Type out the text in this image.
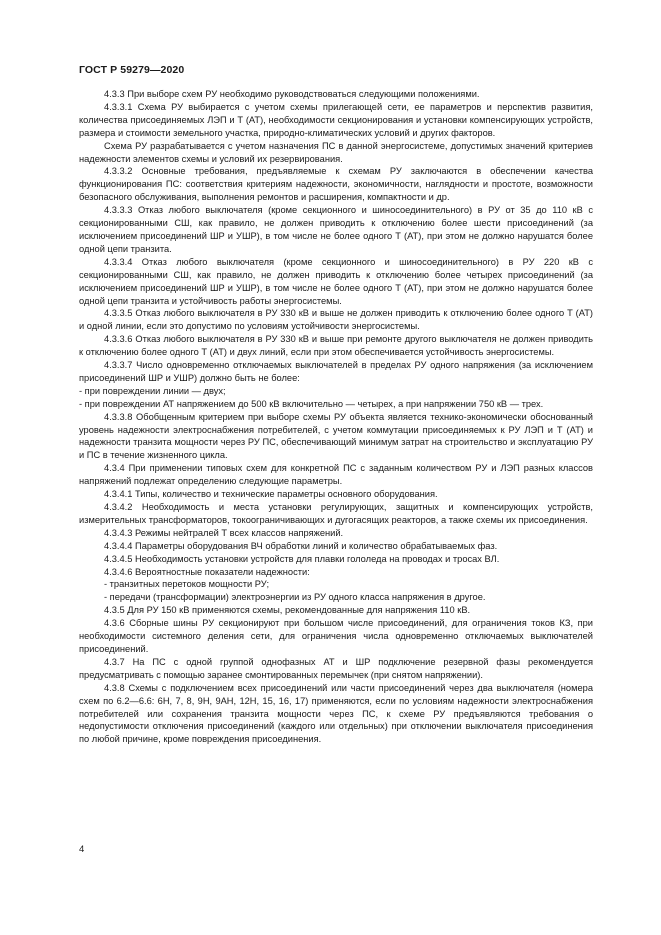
ГОСТ Р 59279—2020

4.3.3 При выборе схем РУ необходимо руководствоваться следующими положениями.

4.3.3.1 Схема РУ выбирается с учетом схемы прилегающей сети, ее параметров и перспектив развития, количества присоединяемых ЛЭП и Т (АТ), необходимости секционирования и установки компенсирующих устройств, размера и стоимости земельного участка, природно-климатических условий и других факторов.

Схема РУ разрабатывается с учетом назначения ПС в данной энергосистеме, допустимых значений критериев надежности элементов схемы и условий их резервирования.

4.3.3.2 Основные требования, предъявляемые к схемам РУ заключаются в обеспечении качества функционирования ПС: соответствия критериям надежности, экономичности, наглядности и простоте, возможности безопасного обслуживания, выполнения ремонтов и расширения, компактности и др.

4.3.3.3 Отказ любого выключателя (кроме секционного и шиносоединительного) в РУ от 35 до 110 кВ с секционированными СШ, как правило, не должен приводить к отключению более шести присоединений (за исключением присоединений ШР и УШР), в том числе не более одного Т (АТ), при этом не должно нарушатся более одной цепи транзита.

4.3.3.4 Отказ любого выключателя (кроме секционного и шиносоединительного) в РУ 220 кВ с секционированными СШ, как правило, не должен приводить к отключению более четырех присоединений (за исключением присоединений ШР и УШР), в том числе не более одного Т (АТ), при этом не должно нарушатся более одной цепи транзита и устойчивость работы энергосистемы.

4.3.3.5 Отказ любого выключателя в РУ 330 кВ и выше не должен приводить к отключению более одного Т (АТ) и одной линии, если это допустимо по условиям устойчивости энергосистемы.

4.3.3.6 Отказ любого выключателя в РУ 330 кВ и выше при ремонте другого выключателя не должен приводить к отключению более одного Т (АТ) и двух линий, если при этом обеспечивается устойчивость энергосистемы.

4.3.3.7 Число одновременно отключаемых выключателей в пределах РУ одного напряжения (за исключением присоединений ШР и УШР) должно быть не более:

- при повреждении линии — двух;

- при повреждении АТ напряжением до 500 кВ включительно — четырех, а при напряжении 750 кВ — трех.

4.3.3.8 Обобщенным критерием при выборе схемы РУ объекта является технико-экономически обоснованный уровень надежности электроснабжения потребителей, с учетом коммутации присоединяемых к РУ ЛЭП и Т (АТ) и надежности транзита мощности через РУ ПС, обеспечивающий минимум затрат на строительство и эксплуатацию РУ и ПС в течение жизненного цикла.

4.3.4 При применении типовых схем для конкретной ПС с заданным количеством РУ и ЛЭП разных классов напряжений подлежат определению следующие параметры.

4.3.4.1 Типы, количество и технические параметры основного оборудования.

4.3.4.2 Необходимость и места установки регулирующих, защитных и компенсирующих устройств, измерительных трансформаторов, токоограничивающих и дугогасящих реакторов, а также схемы их присоединения.

4.3.4.3 Режимы нейтралей Т всех классов напряжений.

4.3.4.4 Параметры оборудования ВЧ обработки линий и количество обрабатываемых фаз.

4.3.4.5 Необходимость установки устройств для плавки гололеда на проводах и тросах ВЛ.

4.3.4.6 Вероятностные показатели надежности:

- транзитных перетоков мощности РУ;

- передачи (трансформации) электроэнергии из РУ одного класса напряжения в другое.

4.3.5 Для РУ 150 кВ применяются схемы, рекомендованные для напряжения 110 кВ.

4.3.6 Сборные шины РУ секционируют при большом числе присоединений, для ограничения токов КЗ, при необходимости системного деления сети, для ограничения числа одновременно отключаемых выключателей присоединений.

4.3.7 На ПС с одной группой однофазных АТ и ШР подключение резервной фазы рекомендуется предусматривать с помощью заранее смонтированных перемычек (при снятом напряжении).

4.3.8 Схемы с подключением всех присоединений или части присоединений через два выключателя (номера схем по 6.2—6.6: 6Н, 7, 8, 9Н, 9АН, 12Н, 15, 16, 17) применяются, если по условиям надежности электроснабжения потребителей или сохранения транзита мощности через ПС, к схеме РУ предъявляются требования о недопустимости отключения присоединений (каждого или отдельных) при отключении выключателя присоединения по любой причине, кроме повреждения присоединения.

4
